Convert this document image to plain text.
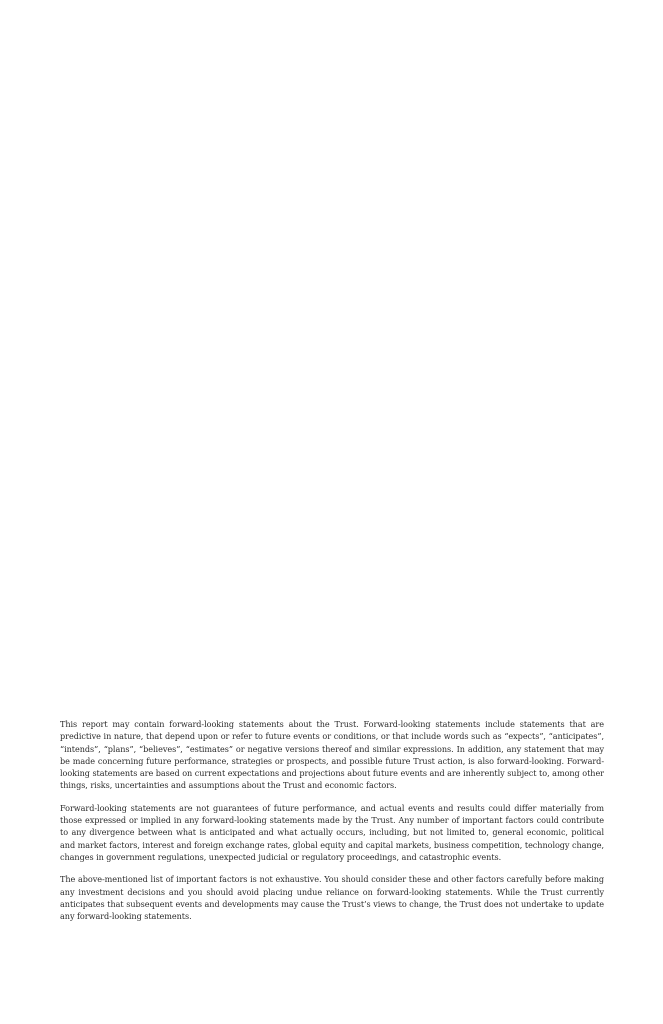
This report may contain forward-looking statements about the Trust. Forward-looking statements include statements that are predictive in nature, that depend upon or refer to future events or conditions, or that include words such as “expects”, “anticipates”, “intends”, “plans”, “believes”, “estimates” or negative versions thereof and similar expressions. In addition, any statement that may be made concerning future performance, strategies or prospects, and possible future Trust action, is also forward-looking. Forward-looking statements are based on current expectations and projections about future events and are inherently subject to, among other things, risks, uncertainties and assumptions about the Trust and economic factors.

Forward-looking statements are not guarantees of future performance, and actual events and results could differ materially from those expressed or implied in any forward-looking statements made by the Trust. Any number of important factors could contribute to any divergence between what is anticipated and what actually occurs, including, but not limited to, general economic, political and market factors, interest and foreign exchange rates, global equity and capital markets, business competition, technology change, changes in government regulations, unexpected judicial or regulatory proceedings, and catastrophic events.

The above-mentioned list of important factors is not exhaustive. You should consider these and other factors carefully before making any investment decisions and you should avoid placing undue reliance on forward-looking statements. While the Trust currently anticipates that subsequent events and developments may cause the Trust’s views to change, the Trust does not undertake to update any forward-looking statements.
